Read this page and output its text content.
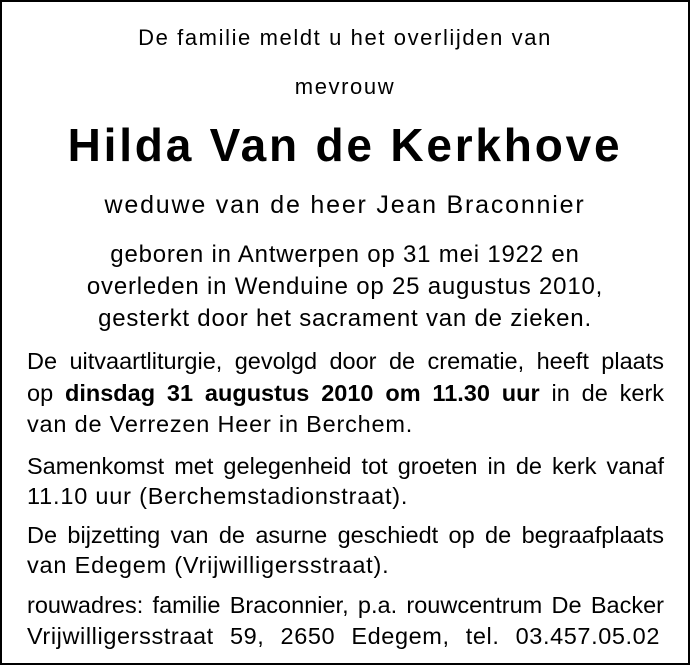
De familie meldt u het overlijden van
mevrouw
Hilda Van de Kerkhove
weduwe van de heer Jean Braconnier
geboren in Antwerpen op 31 mei 1922 en
overleden in Wenduine op 25 augustus 2010,
gesterkt door het sacrament van de zieken.
De uitvaartliturgie, gevolgd door de crematie, heeft plaats
op dinsdag 31 augustus 2010 om 11.30 uur in de kerk
van de Verrezen Heer in Berchem.
Samenkomst met gelegenheid tot groeten in de kerk vanaf
11.10 uur (Berchemstadionstraat).
De bijzetting van de asurne geschiedt op de begraafplaats
van Edegem (Vrijwilligersstraat).
rouwadres: familie Braconnier, p.a. rouwcentrum De Backer
Vrijwilligersstraat 59, 2650 Edegem, tel. 03.457.05.02
